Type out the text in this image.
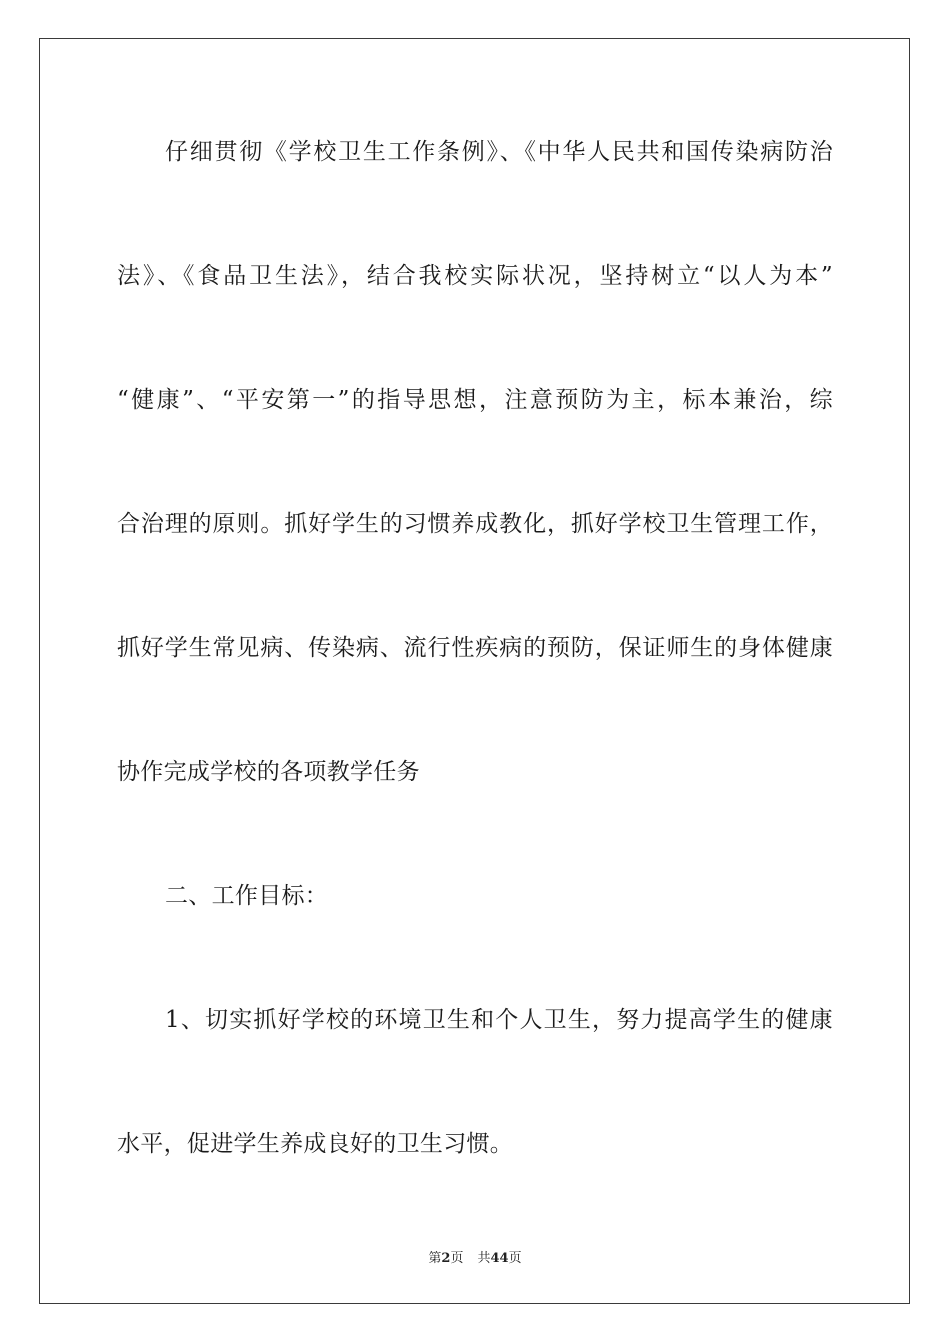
仔细贯彻《学校卫生工作条例》、《中华人民共和国传染病防治
法》、《食品卫生法》，结合我校实际状况，坚持树立“以人为本”
“健康”、“平安第一”的指导思想，注意预防为主，标本兼治，综
合治理的原则。抓好学生的习惯养成教化，抓好学校卫生管理工作，
抓好学生常见病、传染病、流行性疾病的预防，保证师生的身体健康
协作完成学校的各项教学任务
二、工作目标：
1、切实抓好学校的环境卫生和个人卫生，努力提高学生的健康
水平，促进学生养成良好的卫生习惯。
第2页 共44页
